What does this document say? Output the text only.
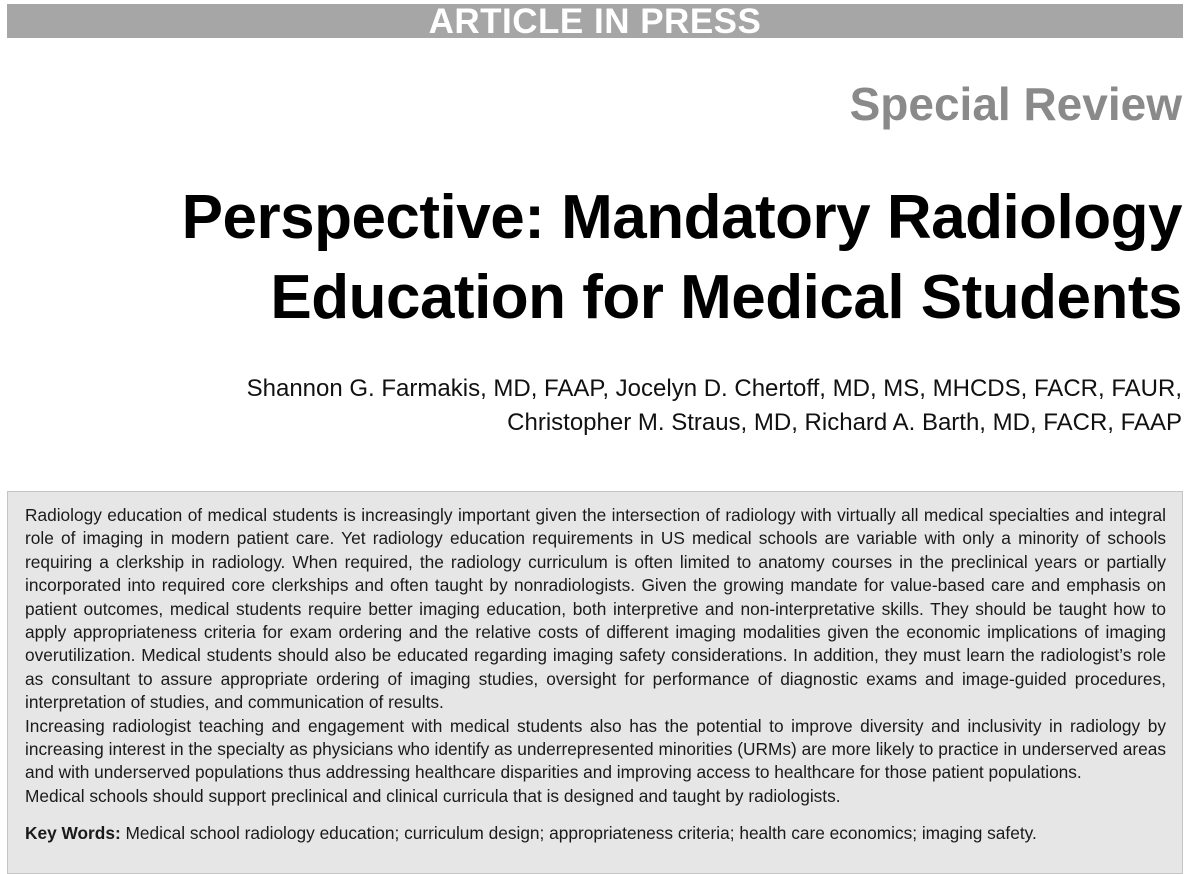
ARTICLE IN PRESS
Special Review
Perspective: Mandatory Radiology
Education for Medical Students
Shannon G. Farmakis, MD, FAAP, Jocelyn D. Chertoff, MD, MS, MHCDS, FACR, FAUR,
Christopher M. Straus, MD, Richard A. Barth, MD, FACR, FAAP

Radiology education of medical students is increasingly important given the intersection of radiology with virtually all medical specialties and integral role of imaging in modern patient care. Yet radiology education requirements in US medical schools are variable with only a minority of schools requiring a clerkship in radiology. When required, the radiology curriculum is often limited to anatomy courses in the preclinical years or partially incorporated into required core clerkships and often taught by nonradiologists. Given the growing mandate for value-based care and emphasis on patient outcomes, medical students require better imaging education, both interpretive and non-interpretative skills. They should be taught how to apply appropriateness criteria for exam ordering and the relative costs of different imaging modalities given the economic implications of imaging overutilization. Medical students should also be educated regarding imaging safety considerations. In addition, they must learn the radiologist’s role as consultant to assure appropriate ordering of imaging studies, oversight for performance of diagnostic exams and image-guided procedures, interpretation of studies, and communication of results.

Increasing radiologist teaching and engagement with medical students also has the potential to improve diversity and inclusivity in radiology by increasing interest in the specialty as physicians who identify as underrepresented minorities (URMs) are more likely to practice in underserved areas and with underserved populations thus addressing healthcare disparities and improving access to healthcare for those patient populations.

Medical schools should support preclinical and clinical curricula that is designed and taught by radiologists.

Key Words: Medical school radiology education; curriculum design; appropriateness criteria; health care economics; imaging safety.
